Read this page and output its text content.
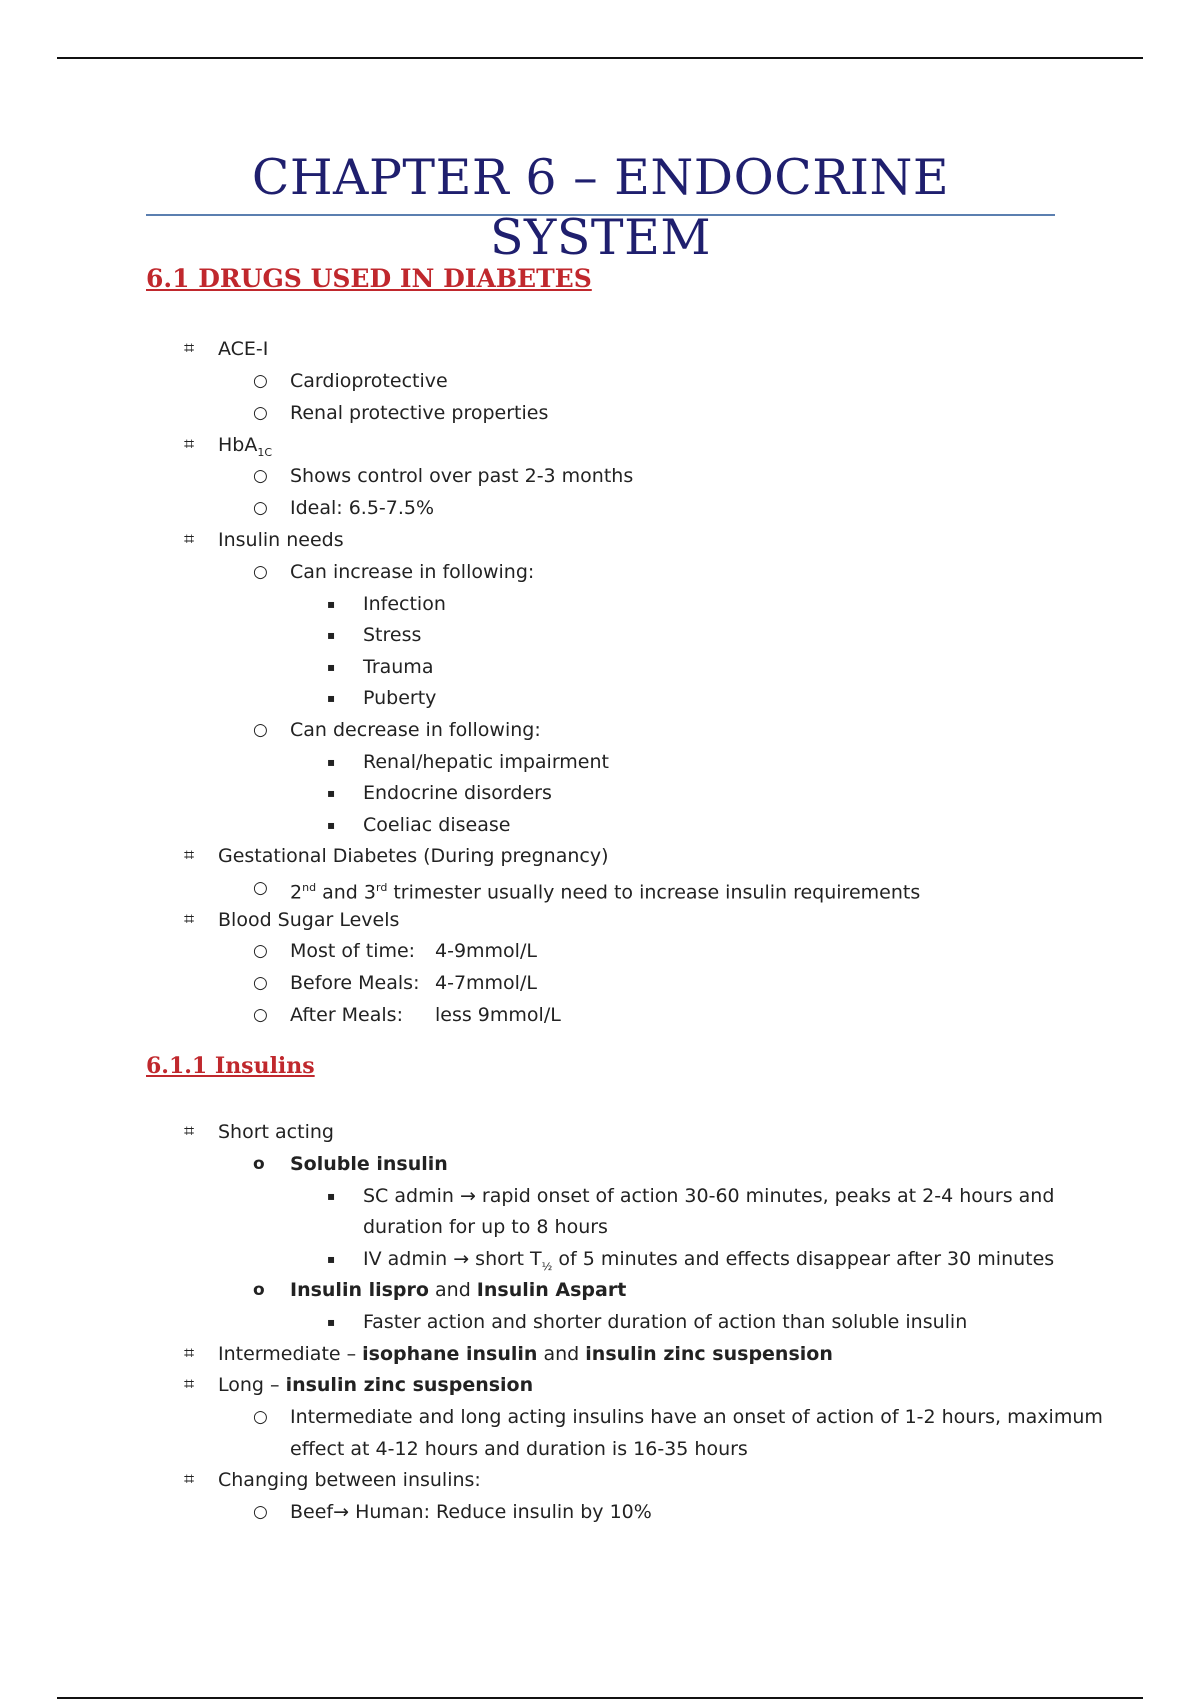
CHAPTER 6 – ENDOCRINE SYSTEM
6.1 DRUGS USED IN DIABETES
⌗ ACE-I
○ Cardioprotective
○ Renal protective properties
⌗ HbA$_{1C}$
○ Shows control over past 2-3 months
○ Ideal: 6.5-7.5%
⌗ Insulin needs
○ Can increase in following:
▪ Infection
▪ Stress
▪ Trauma
▪ Puberty
○ Can decrease in following:
▪ Renal/hepatic impairment
▪ Endocrine disorders
▪ Coeliac disease
⌗ Gestational Diabetes (During pregnancy)
○ 2nd and 3rd trimester usually need to increase insulin requirements
⌗ Blood Sugar Levels
○ Most of time: 4-9mmol/L
○ Before Meals: 4-7mmol/L
○ After Meals: less 9mmol/L
6.1.1 Insulins
⌗ Short acting
o Soluble insulin
▪ SC admin → rapid onset of action 30-60 minutes, peaks at 2-4 hours and
duration for up to 8 hours
▪ IV admin → short $T_{\frac{1}{2}}$ of 5 minutes and effects disappear after 30 minutes
o Insulin lispro and Insulin Aspart
▪ Faster action and shorter duration of action than soluble insulin
⌗ Intermediate – isophane insulin and insulin zinc suspension
⌗ Long – insulin zinc suspension
○ Intermediate and long acting insulins have an onset of action of 1-2 hours, maximum
effect at 4-12 hours and duration is 16-35 hours
⌗ Changing between insulins:
○ Beef→ Human: Reduce insulin by 10%
